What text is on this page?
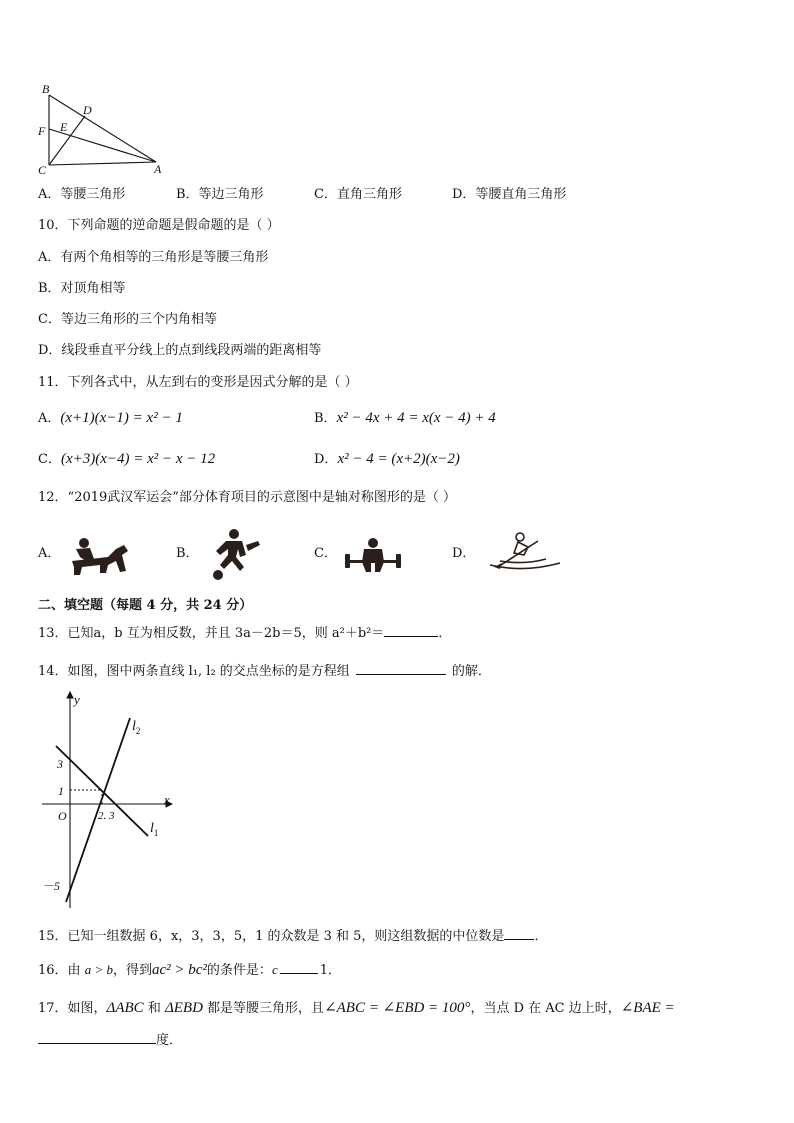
B
D
F E
C	A
A．等腰三角形	B．等边三角形	C．直角三角形	D．等腰直角三角形
10．下列命题的逆命题是假命题的是（ ）
A．有两个角相等的三角形是等腰三角形
B．对顶角相等
C．等边三角形的三个内角相等
D．线段垂直平分线上的点到线段两端的距离相等
11．下列各式中，从左到右的变形是因式分解的是（ ）
A．(x+1)(x−1) = x² − 1	B．x² − 4x + 4 = x(x − 4) + 4
C．(x+3)(x−4) = x² − x − 12	D．x² − 4 = (x+2)(x−2)
12．“2019武汉军运会”部分体育项目的示意图中是轴对称图形的是（ ）
A．	B．	C．	D．
二、填空题（每题 4 分，共 24 分）
13．已知a，b 互为相反数，并且 3a－2b＝5，则 a²＋b²＝	．
14．如图，图中两条直线 l₁, l₂ 的交点坐标的是方程组	的解．
y
x
$l_2$
$l_1$
3
1
O	2. 3
－5
15．已知一组数据 6，x，3，3，5，1 的众数是 3 和 5，则这组数据的中位数是 ．
16．由 a > b，得到ac² > bc²的条件是：c	1．
17．如图，ΔABC 和 ΔEBD 都是等腰三角形，且∠ABC = ∠EBD = 100°，当点 D 在 AC 边上时，∠BAE =
度．
